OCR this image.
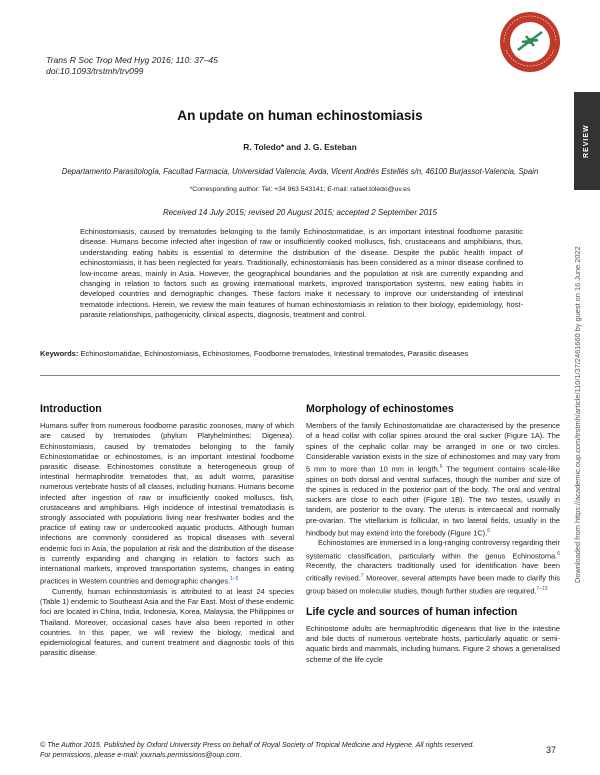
Trans R Soc Trop Med Hyg 2016; 110: 37–45
doi:10.1093/trstmh/trv099
REVIEW
Downloaded from https://academic.oup.com/trstmh/article/110/1/37/2461660 by guest on 16 June 2022
An update on human echinostomiasis
R. Toledo* and J. G. Esteban
Departamento Parasitología, Facultad Farmacia, Universidad Valencia, Avda, Vicent Andrés Estellés s/n, 46100 Burjassot-Valencia, Spain
*Corresponding author: Tel: +34 963 543141; E-mail: rafael.toledo@uv.es
Received 14 July 2015; revised 20 August 2015; accepted 2 September 2015
Echinostomiasis, caused by trematodes belonging to the family Echinostomatidae, is an important intestinal foodborne parasitic disease. Humans become infected after ingestion of raw or insufficiently cooked molluscs, fish, crustaceans and amphibians, thus, understanding eating habits is essential to determine the distribution of the disease. Despite the public health impact of echinostomiasis, it has been neglected for years. Traditionally, echinostomiasis has been considered as a minor disease confined to low-income areas, mainly in Asia. However, the geographical boundaries and the population at risk are currently expanding and changing in relation to factors such as growing international markets, improved transportation systems, new eating habits in developed countries and demographic changes. These factors make it necessary to improve our understanding of intestinal trematode infections. Herein, we review the main features of human echinostomiasis in relation to their biology, epidemiology, host-parasite relationships, pathogenicity, clinical aspects, diagnosis, treatment and control.
Keywords: Echinostomatidae, Echinostomiasis, Echinostomes, Foodborne trematodes, Intestinal trematodes, Parasitic diseases
Introduction

Humans suffer from numerous foodborne parasitic zoonoses, many of which are caused by trematodes (phylum Platyhelminthes: Digenea). Echinostomiasis, caused by trematodes belonging to the family Echinostomatidae or echinostomes, is an important intestinal foodborne parasitic disease. Echinostomes constitute a heterogeneous group of intestinal hermaphrodite trematodes that, as adult worms, parasitise numerous vertebrate hosts of all classes, including humans. Humans become infected after ingestion of raw or insufficiently cooked molluscs, fish, crustaceans and amphibians. High incidence of intestinal trematodiasis is strongly associated with populations living near freshwater bodies and the practice of eating raw or undercooked aquatic products. Although human infections are commonly considered as tropical diseases with several endemic foci in Asia, the population at risk and the distribution of the disease is currently expanding and changing in relation to factors such as international markets, improved transportation systems, changes in eating practices in Western countries and demographic changes.$^{1-5}$

Currently, human echinostomiasis is attributed to at least 24 species (Table 1) endemic to Southeast Asia and the Far East. Most of these endemic foci are located in China, India, Indonesia, Korea, Malaysia, the Philippines or Thailand. Moreover, occasional cases have also been reported in other countries. In this paper, we will review the biology, medical and epidemiological features, and current treatment and diagnostic tools of this parasitic disease.

Morphology of echinostomes

Members of the family Echinostomatidae are characterised by the presence of a head collar with collar spines around the oral sucker (Figure 1A). The spines of the cephalic collar may be arranged in one or two circles. Considerable variation exists in the size of echinostomes and may vary from 5 mm to more than 10 mm in length.$^6$ The tegument contains scale-like spines on both dorsal and ventral surfaces, though the number and size of the spines is reduced in the posterior part of the body. The oral and ventral suckers are close to each other (Figure 1B). The two testes, usually in tandem, are posterior to the ovary. The uterus is intercaecal and normally pre-ovarian. The vitellarium is follicular, in two lateral fields, usually in the hindbody but may extend into the forebody (Figure 1C).$^6$

Echinostomes are immersed in a long-ranging controversy regarding their systematic classification, particularly within the genus Echinostoma.$^6$ Recently, the characters traditionally used for identification have been critically revised.$^7$ Moreover, several attempts have been made to clarify this group based on molecular studies, though further studies are required.$^{7-15}$

Life cycle and sources of human infection

Echinostome adults are hermaphroditic digeneans that live in the intestine and bile ducts of numerous vertebrate hosts, particularly aquatic or semi-aquatic birds and mammals, including humans. Figure 2 shows a generalised scheme of the life cycle

© The Author 2015. Published by Oxford University Press on behalf of Royal Society of Tropical Medicine and Hygiene. All rights reserved.
For permissions, please e-mail: journals.permissions@oup.com.	37
